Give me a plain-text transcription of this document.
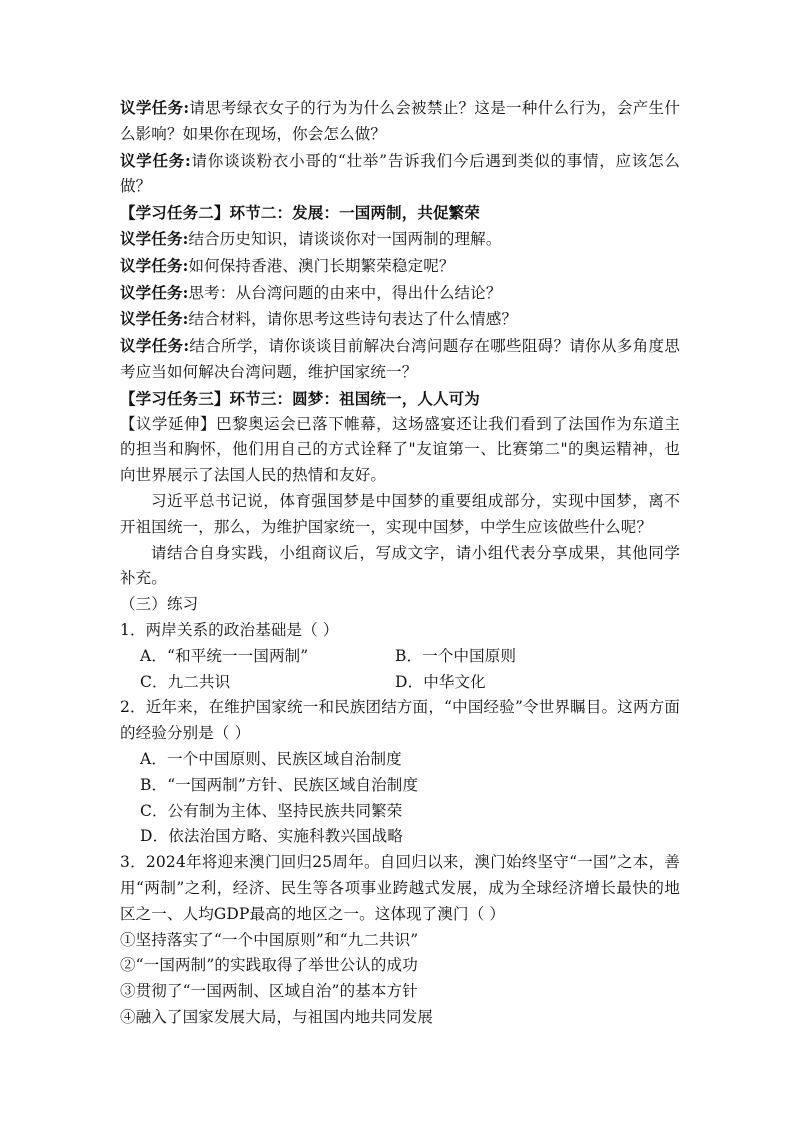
议学任务:请思考绿衣女子的行为为什么会被禁止？这是一种什么行为，会产生什么影响？如果你在现场，你会怎么做？

议学任务:请你谈谈粉衣小哥的“壮举”告诉我们今后遇到类似的事情，应该怎么做？

【学习任务二】环节二：发展：一国两制，共促繁荣

议学任务:结合历史知识，请谈谈你对一国两制的理解。

议学任务:如何保持香港、澳门长期繁荣稳定呢？

议学任务:思考：从台湾问题的由来中，得出什么结论？

议学任务:结合材料，请你思考这些诗句表达了什么情感？

议学任务:结合所学，请你谈谈目前解决台湾问题存在哪些阻碍？请你从多角度思考应当如何解决台湾问题，维护国家统一？

【学习任务三】环节三：圆梦：祖国统一，人人可为

【议学延伸】巴黎奥运会已落下帷幕，这场盛宴还让我们看到了法国作为东道主的担当和胸怀，他们用自己的方式诠释了"友谊第一、比赛第二"的奥运精神，也向世界展示了法国人民的热情和友好。

习近平总书记说，体育强国梦是中国梦的重要组成部分，实现中国梦，离不开祖国统一，那么，为维护国家统一，实现中国梦，中学生应该做些什么呢？

请结合自身实践，小组商议后，写成文字，请小组代表分享成果，其他同学补充。

（三）练习

1．两岸关系的政治基础是（ ）

A．“和平统一一国两制”	B．一个中国原则
C．九二共识	D．中华文化

2．近年来，在维护国家统一和民族团结方面，“中国经验”令世界瞩目。这两方面的经验分别是（ ）

A．一个中国原则、民族区域自治制度
B．“一国两制”方针、民族区域自治制度
C．公有制为主体、坚持民族共同繁荣
D．依法治国方略、实施科教兴国战略

3．2024年将迎来澳门回归25周年。自回归以来，澳门始终坚守“一国”之本，善用“两制”之利，经济、民生等各项事业跨越式发展，成为全球经济增长最快的地区之一、人均GDP最高的地区之一。这体现了澳门（ ）

①坚持落实了“一个中国原则”和“九二共识”

②“一国两制”的实践取得了举世公认的成功

③贯彻了“一国两制、区域自治”的基本方针

④融入了国家发展大局，与祖国内地共同发展
